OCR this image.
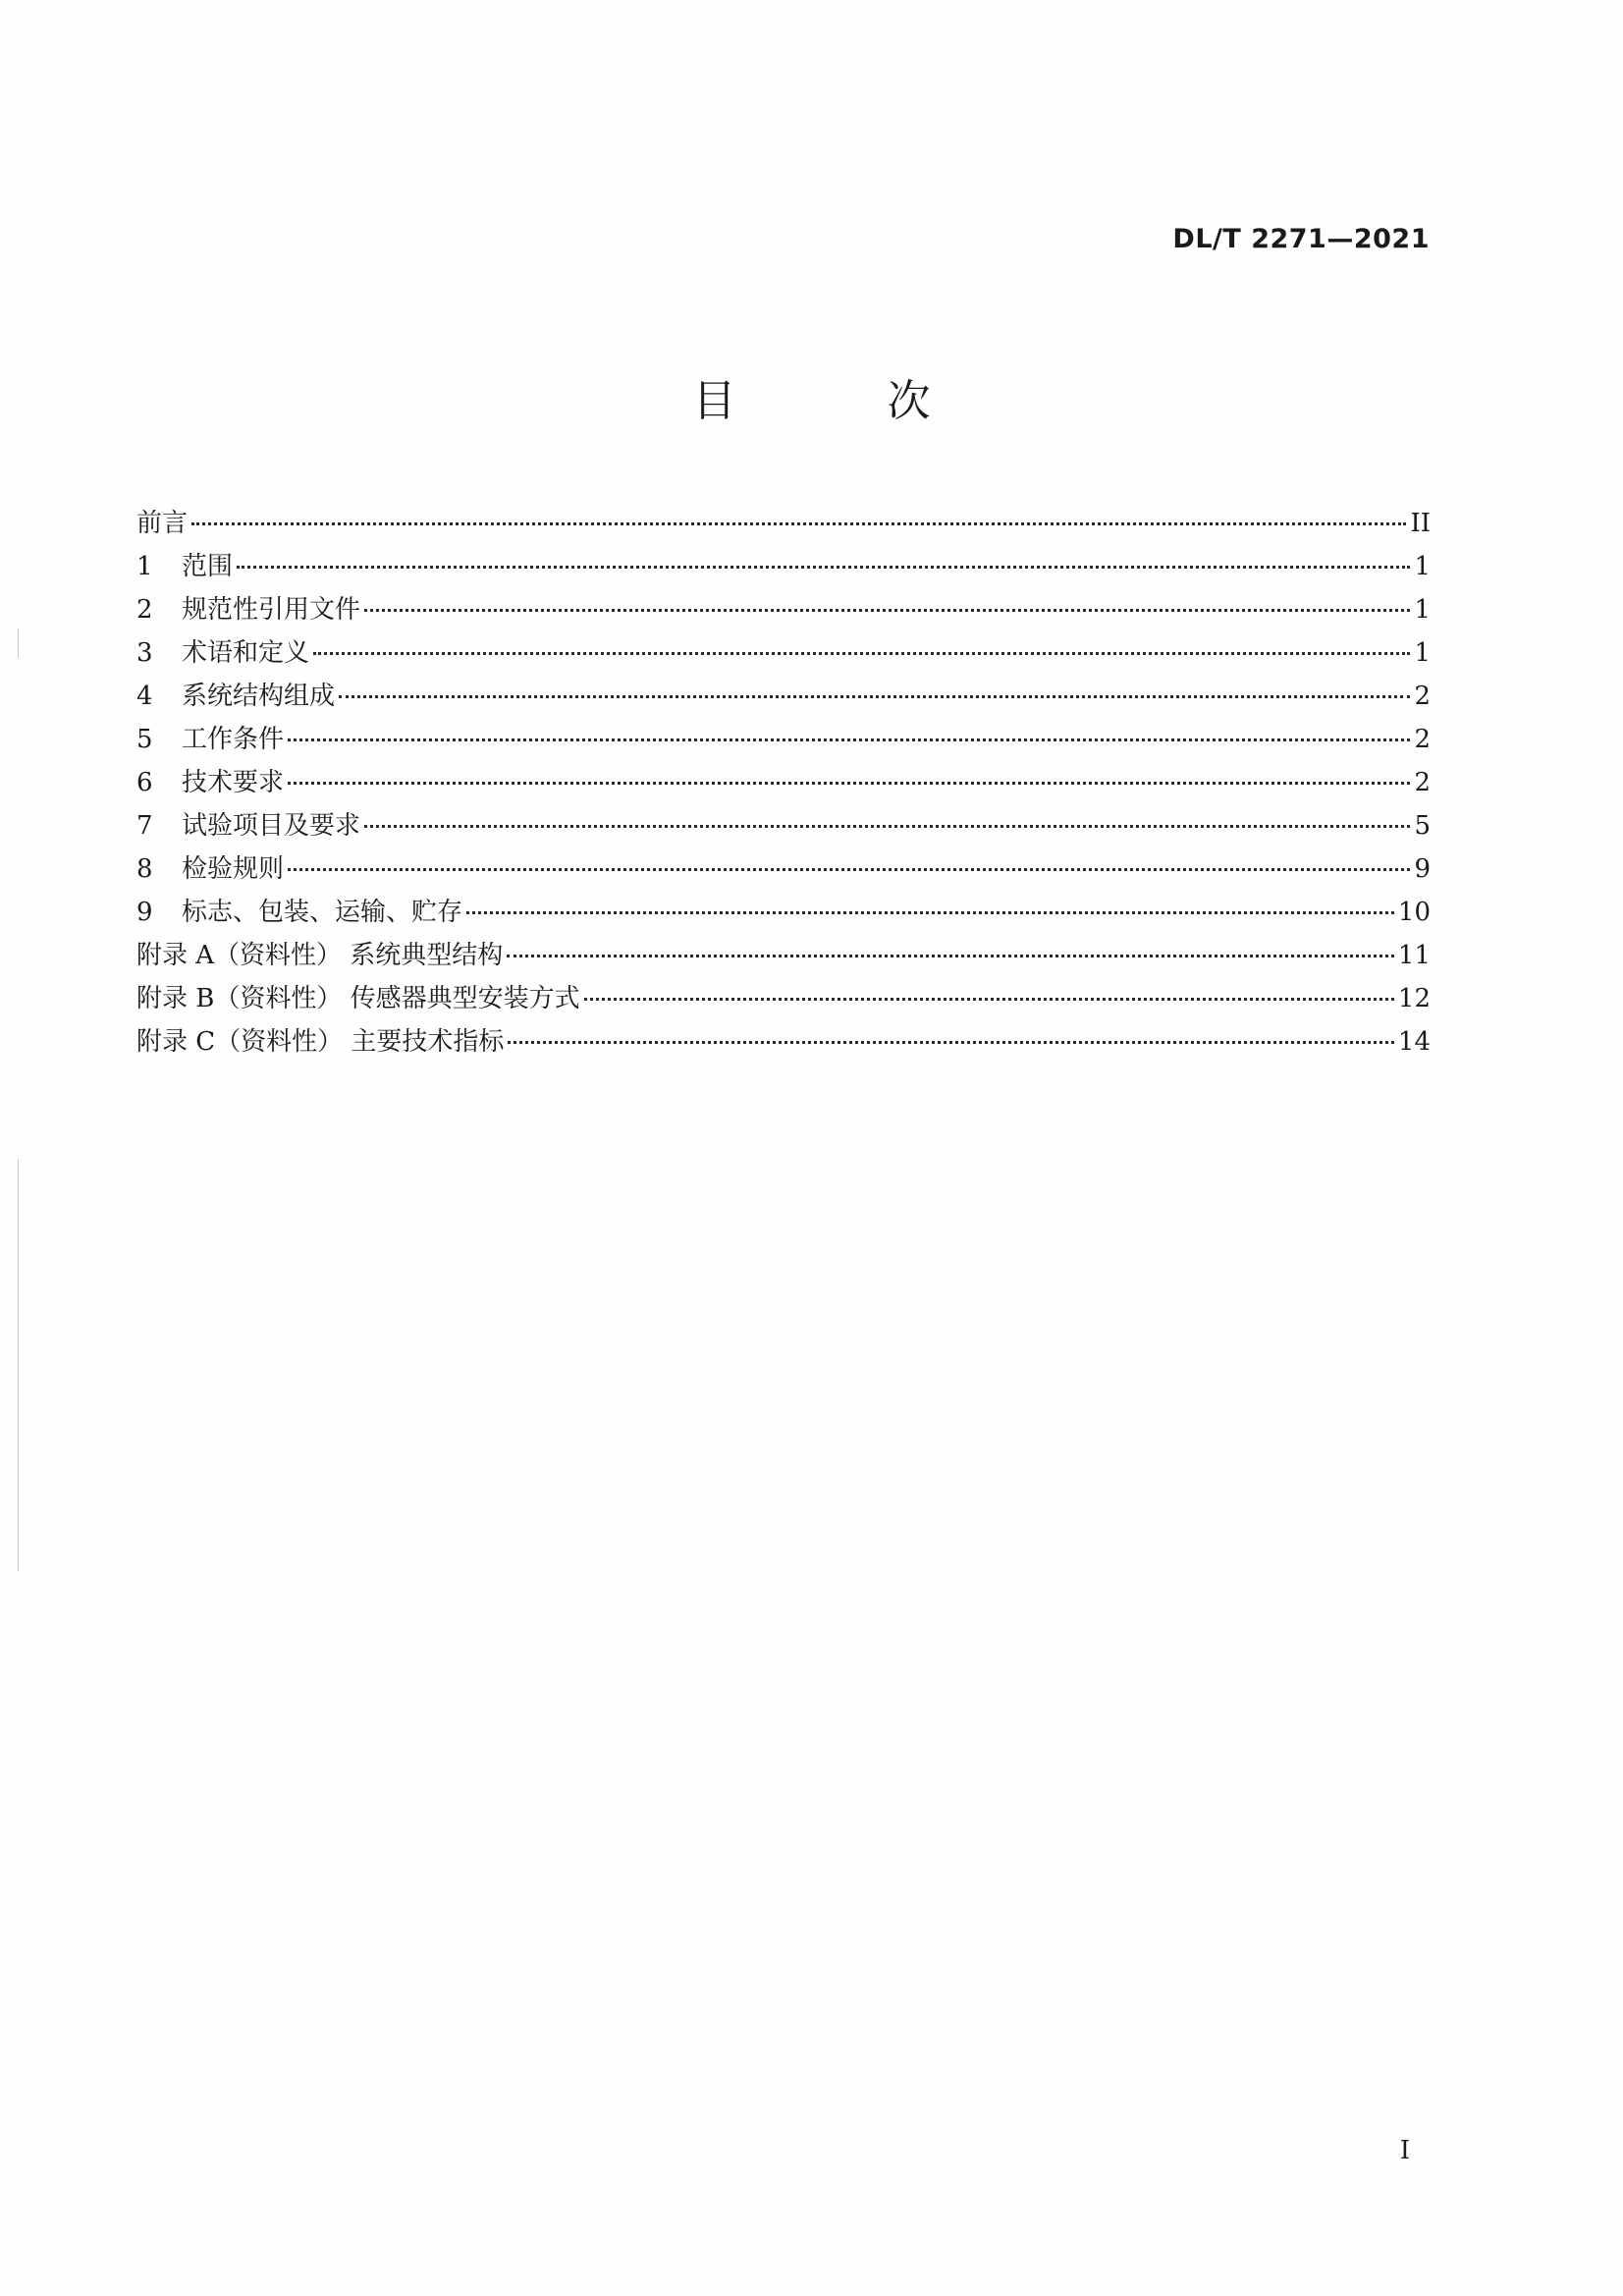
DL/T 2271—2021
目 次
前言	II
1	范围	1
2	规范性引用文件	1
3	术语和定义	1
4	系统结构组成	2
5	工作条件	2
6	技术要求	2
7	试验项目及要求	5
8	检验规则	9
9	标志、包装、运输、贮存	10
附录 A（资料性） 系统典型结构	11
附录 B（资料性） 传感器典型安装方式	12
附录 C（资料性） 主要技术指标	14
I
